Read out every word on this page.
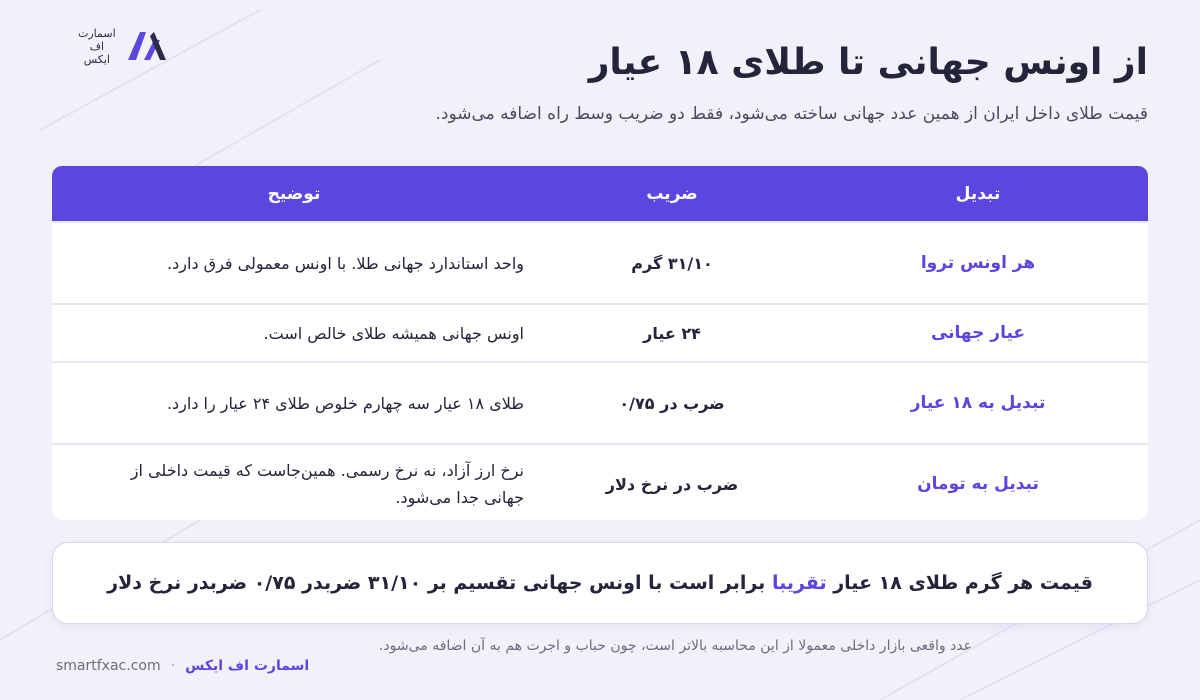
اسمارت
اف
ایکس	از اونس جهانی تا طلای ۱۸ عیار

قیمت طلای داخل ایران از همین عدد جهانی ساخته می‌شود، فقط دو ضریب وسط راه اضافه می‌شود.

تبدیل
ضریب
توضیح
هر اونس تروا
۳۱/۱۰ گرم
واحد استاندارد جهانی طلا. با اونس معمولی فرق دارد.
عیار جهانی
۲۴ عیار
اونس جهانی همیشه طلای خالص است.
تبدیل به ۱۸ عیار
ضرب در ۰/۷۵
طلای ۱۸ عیار سه چهارم خلوص طلای ۲۴ عیار را دارد.
تبدیل به تومان
ضرب در نرخ دلار
نرخ ارز آزاد، نه نرخ رسمی. همین‌جاست که قیمت داخلی از جهانی جدا می‌شود.
قیمت هر گرم طلای ۱۸ عیار

تقریبا

برابر است با اونس جهانی تقسیم بر ۳۱/۱۰ ضربدر ۰/۷۵ ضربدر نرخ دلار

عدد واقعی بازار داخلی معمولا از این محاسبه بالاتر است، چون حباب و اجرت هم به آن اضافه می‌شود.

smartfxac.com · اسمارت اف ایکس
